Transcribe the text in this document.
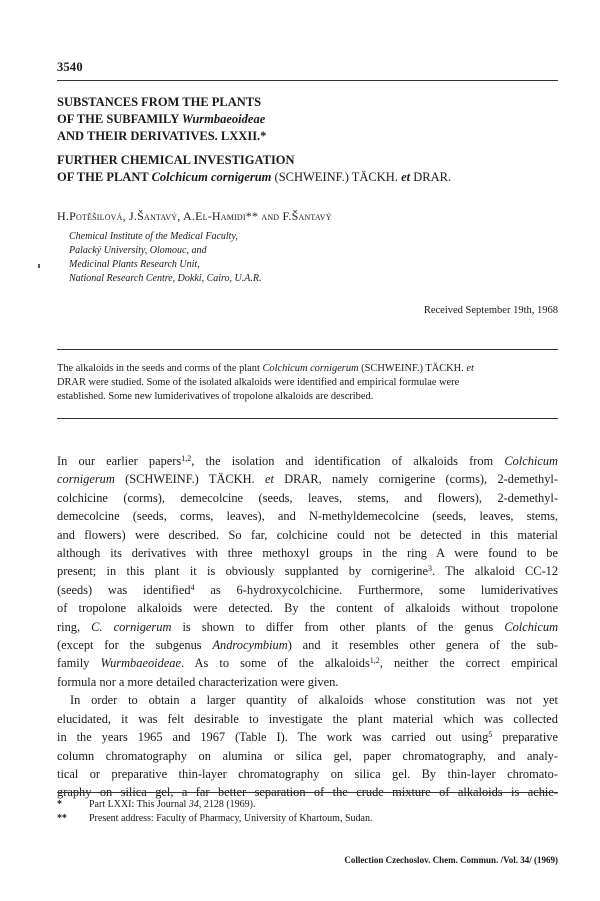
3540
SUBSTANCES FROM THE PLANTS
OF THE SUBFAMILY Wurmbaeoideae
AND THEIR DERIVATIVES. LXXII.*
FURTHER CHEMICAL INVESTIGATION
OF THE PLANT Colchicum cornigerum (SCHWEINF.) TÄCKH. et DRAR.
H.Potěšilová, J.Šantavý, A.El-Hamidi** and F.Šantavý
Chemical Institute of the Medical Faculty,
Palacký University, Olomouc, and
Medicinal Plants Research Unit,
National Research Centre, Dokki, Cairo, U.A.R.
Received September 19th, 1968
The alkaloids in the seeds and corms of the plant Colchicum cornigerum (SCHWEINF.) TÄCKH. et
DRAR were studied. Some of the isolated alkaloids were identified and empirical formulae were
established. Some new lumiderivatives of tropolone alkaloids are described.
In our earlier papers$^{1,2}$, the isolation and identification of alkaloids from Colchicum
cornigerum (SCHWEINF.) TÄCKH. et DRAR, namely cornigerine (corms), 2-demethyl-
colchicine (corms), demecolcine (seeds, leaves, stems, and flowers), 2-demethyl-
demecolcine (seeds, corms, leaves), and N-methyldemecolcine (seeds, leaves, stems,
and flowers) were described. So far, colchicine could not be detected in this material
although its derivatives with three methoxyl groups in the ring A were found to be
present; in this plant it is obviously supplanted by cornigerine$^3$. The alkaloid CC-12
(seeds) was identified$^4$ as 6-hydroxycolchicine. Furthermore, some lumiderivatives
of tropolone alkaloids were detected. By the content of alkaloids without tropolone
ring, C. cornigerum is shown to differ from other plants of the genus Colchicum
(except for the subgenus Androcymbium) and it resembles other genera of the sub-
family Wurmbaeoideae. As to some of the alkaloids$^{1,2}$, neither the correct empirical
formula nor a more detailed characterization were given.
In order to obtain a larger quantity of alkaloids whose constitution was not yet
elucidated, it was felt desirable to investigate the plant material which was collected
in the years 1965 and 1967 (Table I). The work was carried out using$^5$ preparative
column chromatography on alumina or silica gel, paper chromatography, and analy-
tical or preparative thin-layer chromatography on silica gel. By thin-layer chromato-
graphy on silica gel, a far better separation of the crude mixture of alkaloids is achie-
*	Part LXXI: This Journal 34, 2128 (1969).
**	Present address: Faculty of Pharmacy, University of Khartoum, Sudan.
Collection Czechoslov. Chem. Commun. /Vol. 34/ (1969)
